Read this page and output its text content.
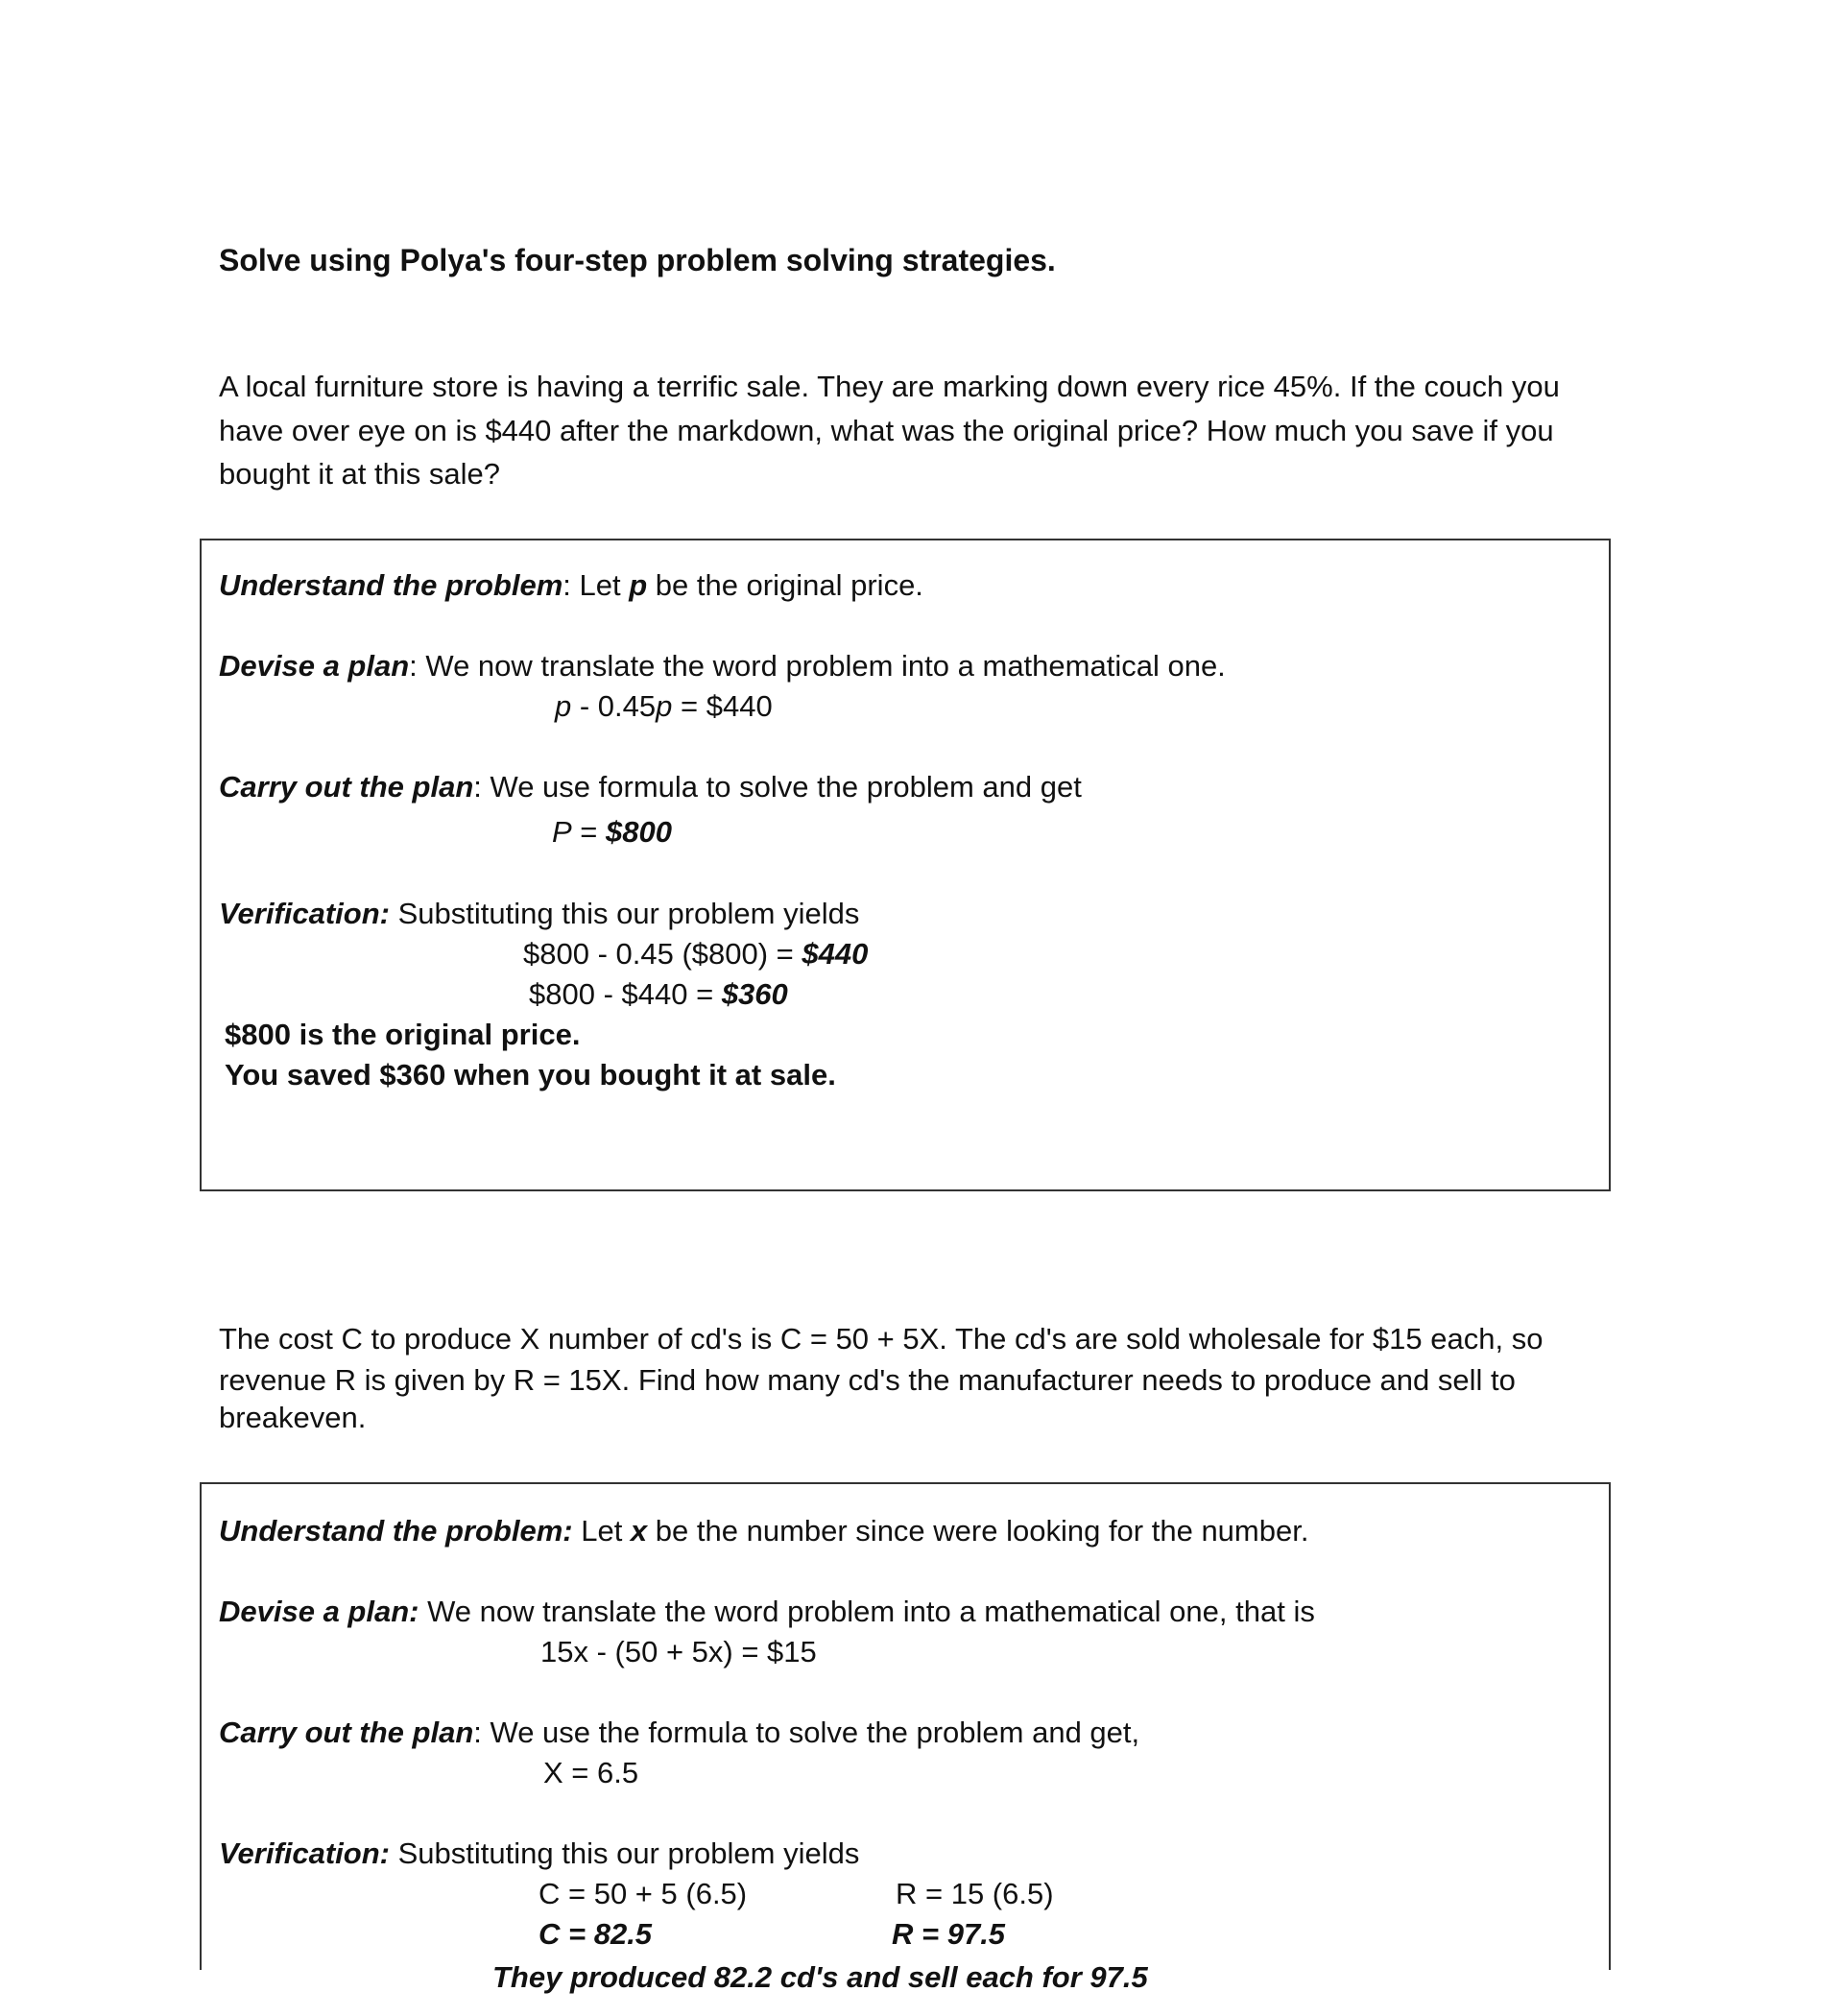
Solve using Polya's four-step problem solving strategies.
A local furniture store is having a terrific sale. They are marking down every rice 45%. If the couch you
have over eye on is $440 after the markdown, what was the original price? How much you save if you
bought it at this sale?
Understand the problem: Let p be the original price.
Devise a plan: We now translate the word problem into a mathematical one.
p - 0.45p = $440
Carry out the plan: We use formula to solve the problem and get
P = $800
Verification: Substituting this our problem yields
$800 - 0.45 ($800) = $440
$800 - $440 = $360
$800 is the original price.
You saved $360 when you bought it at sale.
The cost C to produce X number of cd's is C = 50 + 5X. The cd's are sold wholesale for $15 each, so
revenue R is given by R = 15X. Find how many cd's the manufacturer needs to produce and sell to
breakeven.
Understand the problem: Let x be the number since were looking for the number.
Devise a plan: We now translate the word problem into a mathematical one, that is
15x - (50 + 5x) = $15
Carry out the plan: We use the formula to solve the problem and get,
X = 6.5
Verification: Substituting this our problem yields
C = 50 + 5 (6.5)	R = 15 (6.5)
C = 82.5	R = 97.5
They produced 82.2 cd's and sell each for 97.5
